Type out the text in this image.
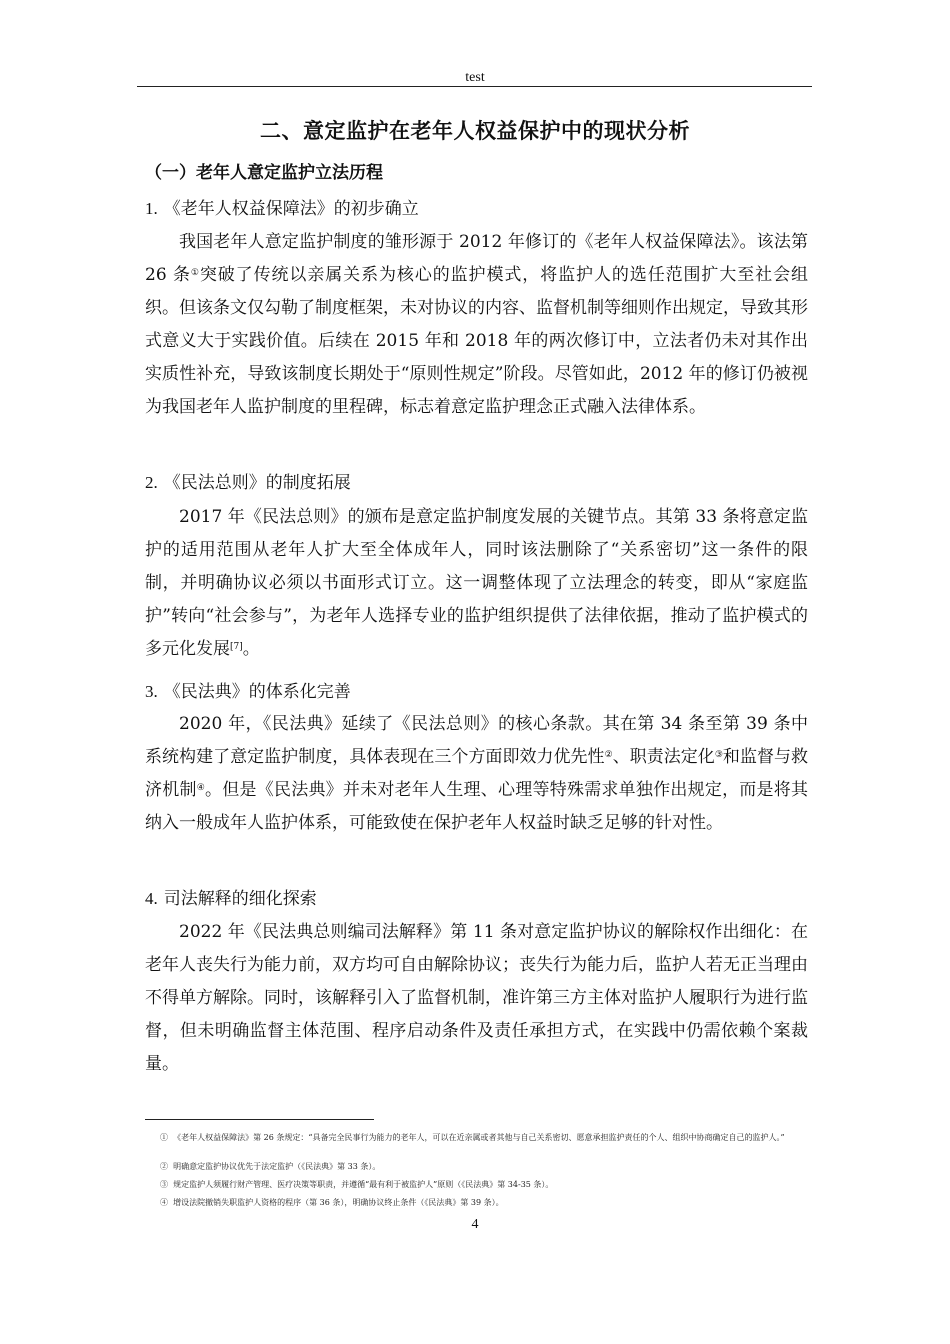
test
二、意定监护在老年人权益保护中的现状分析
（一）老年人意定监护立法历程
1. 《老年人权益保障法》的初步确立
我国老年人意定监护制度的雏形源于 2012 年修订的《老年人权益保障法》。该法第 26 条①突破了传统以亲属关系为核心的监护模式，将监护人的选任范围扩大至社会组织。但该条文仅勾勒了制度框架，未对协议的内容、监督机制等细则作出规定，导致其形式意义大于实践价值。后续在 2015 年和 2018 年的两次修订中，立法者仍未对其作出实质性补充，导致该制度长期处于“原则性规定”阶段。尽管如此，2012 年的修订仍被视为我国老年人监护制度的里程碑，标志着意定监护理念正式融入法律体系。
2. 《民法总则》的制度拓展
2017 年《民法总则》的颁布是意定监护制度发展的关键节点。其第 33 条将意定监护的适用范围从老年人扩大至全体成年人，同时该法删除了“关系密切”这一条件的限制，并明确协议必须以书面形式订立。这一调整体现了立法理念的转变，即从“家庭监护”转向“社会参与”，为老年人选择专业的监护组织提供了法律依据，推动了监护模式的多元化发展[7]。
3. 《民法典》的体系化完善
2020 年，《民法典》延续了《民法总则》的核心条款。其在第 34 条至第 39 条中系统构建了意定监护制度，具体表现在三个方面即效力优先性②、职责法定化③和监督与救济机制④。但是《民法典》并未对老年人生理、心理等特殊需求单独作出规定，而是将其纳入一般成年人监护体系，可能致使在保护老年人权益时缺乏足够的针对性。
4. 司法解释的细化探索
2022 年《民法典总则编司法解释》第 11 条对意定监护协议的解除权作出细化：在老年人丧失行为能力前，双方均可自由解除协议；丧失行为能力后，监护人若无正当理由不得单方解除。同时，该解释引入了监督机制，准许第三方主体对监护人履职行为进行监督，但未明确监督主体范围、程序启动条件及责任承担方式，在实践中仍需依赖个案裁量。
① 《老年人权益保障法》第 26 条规定：“具备完全民事行为能力的老年人，可以在近亲属或者其他与自己关系密切、愿意承担监护责任的个人、组织中协商确定自己的监护人。”
② 明确意定监护协议优先于法定监护（《民法典》第 33 条）。
③ 规定监护人须履行财产管理、医疗决策等职责，并遵循“最有利于被监护人”原则（《民法典》第 34-35 条）。
④ 增设法院撤销失职监护人资格的程序（第 36 条），明确协议终止条件（《民法典》第 39 条）。
4
